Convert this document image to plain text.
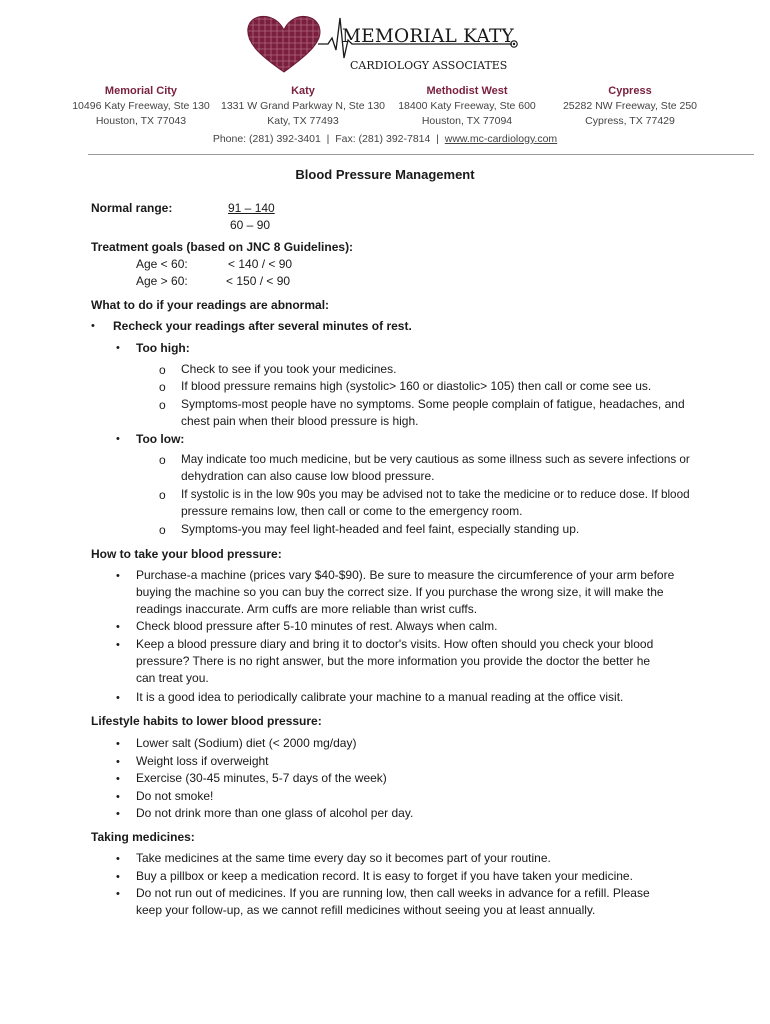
MEMORIAL KATY
CARDIOLOGY ASSOCIATES
Memorial City
10496 Katy Freeway, Ste 130
Houston, TX 77043
Katy
1331 W Grand Parkway N, Ste 130
Katy, TX 77493
Methodist West
18400 Katy Freeway, Ste 600
Houston, TX 77094
Cypress
25282 NW Freeway, Ste 250
Cypress, TX 77429
Phone: (281) 392-3401  |  Fax: (281) 392-7814  |  www.mc-cardiology.com
Blood Pressure Management
Normal range:	91 – 140
60 – 90
Treatment goals (based on JNC 8 Guidelines):
Age < 60:	< 140 / < 90
Age > 60:	< 150 / < 90
What to do if your readings are abnormal:
• Recheck your readings after several minutes of rest.
• Too high:
o Check to see if you took your medicines.
o If blood pressure remains high (systolic> 160 or diastolic> 105) then call or come see us.
o Symptoms-most people have no symptoms. Some people complain of fatigue, headaches, and
chest pain when their blood pressure is high.
• Too low:
o May indicate too much medicine, but be very cautious as some illness such as severe infections or
dehydration can also cause low blood pressure.
o If systolic is in the low 90s you may be advised not to take the medicine or to reduce dose. If blood
pressure remains low, then call or come to the emergency room.
o Symptoms-you may feel light-headed and feel faint, especially standing up.
How to take your blood pressure:
• Purchase-a machine (prices vary $40-$90). Be sure to measure the circumference of your arm before
buying the machine so you can buy the correct size. If you purchase the wrong size, it will make the
readings inaccurate. Arm cuffs are more reliable than wrist cuffs.
• Check blood pressure after 5-10 minutes of rest. Always when calm.
• Keep a blood pressure diary and bring it to doctor's visits. How often should you check your blood
pressure? There is no right answer, but the more information you provide the doctor the better he
can treat you.
• It is a good idea to periodically calibrate your machine to a manual reading at the office visit.
Lifestyle habits to lower blood pressure:
• Lower salt (Sodium) diet (< 2000 mg/day)
• Weight loss if overweight
• Exercise (30-45 minutes, 5-7 days of the week)
• Do not smoke!
• Do not drink more than one glass of alcohol per day.
Taking medicines:
• Take medicines at the same time every day so it becomes part of your routine.
• Buy a pillbox or keep a medication record. It is easy to forget if you have taken your medicine.
• Do not run out of medicines. If you are running low, then call weeks in advance for a refill. Please
keep your follow-up, as we cannot refill medicines without seeing you at least annually.
